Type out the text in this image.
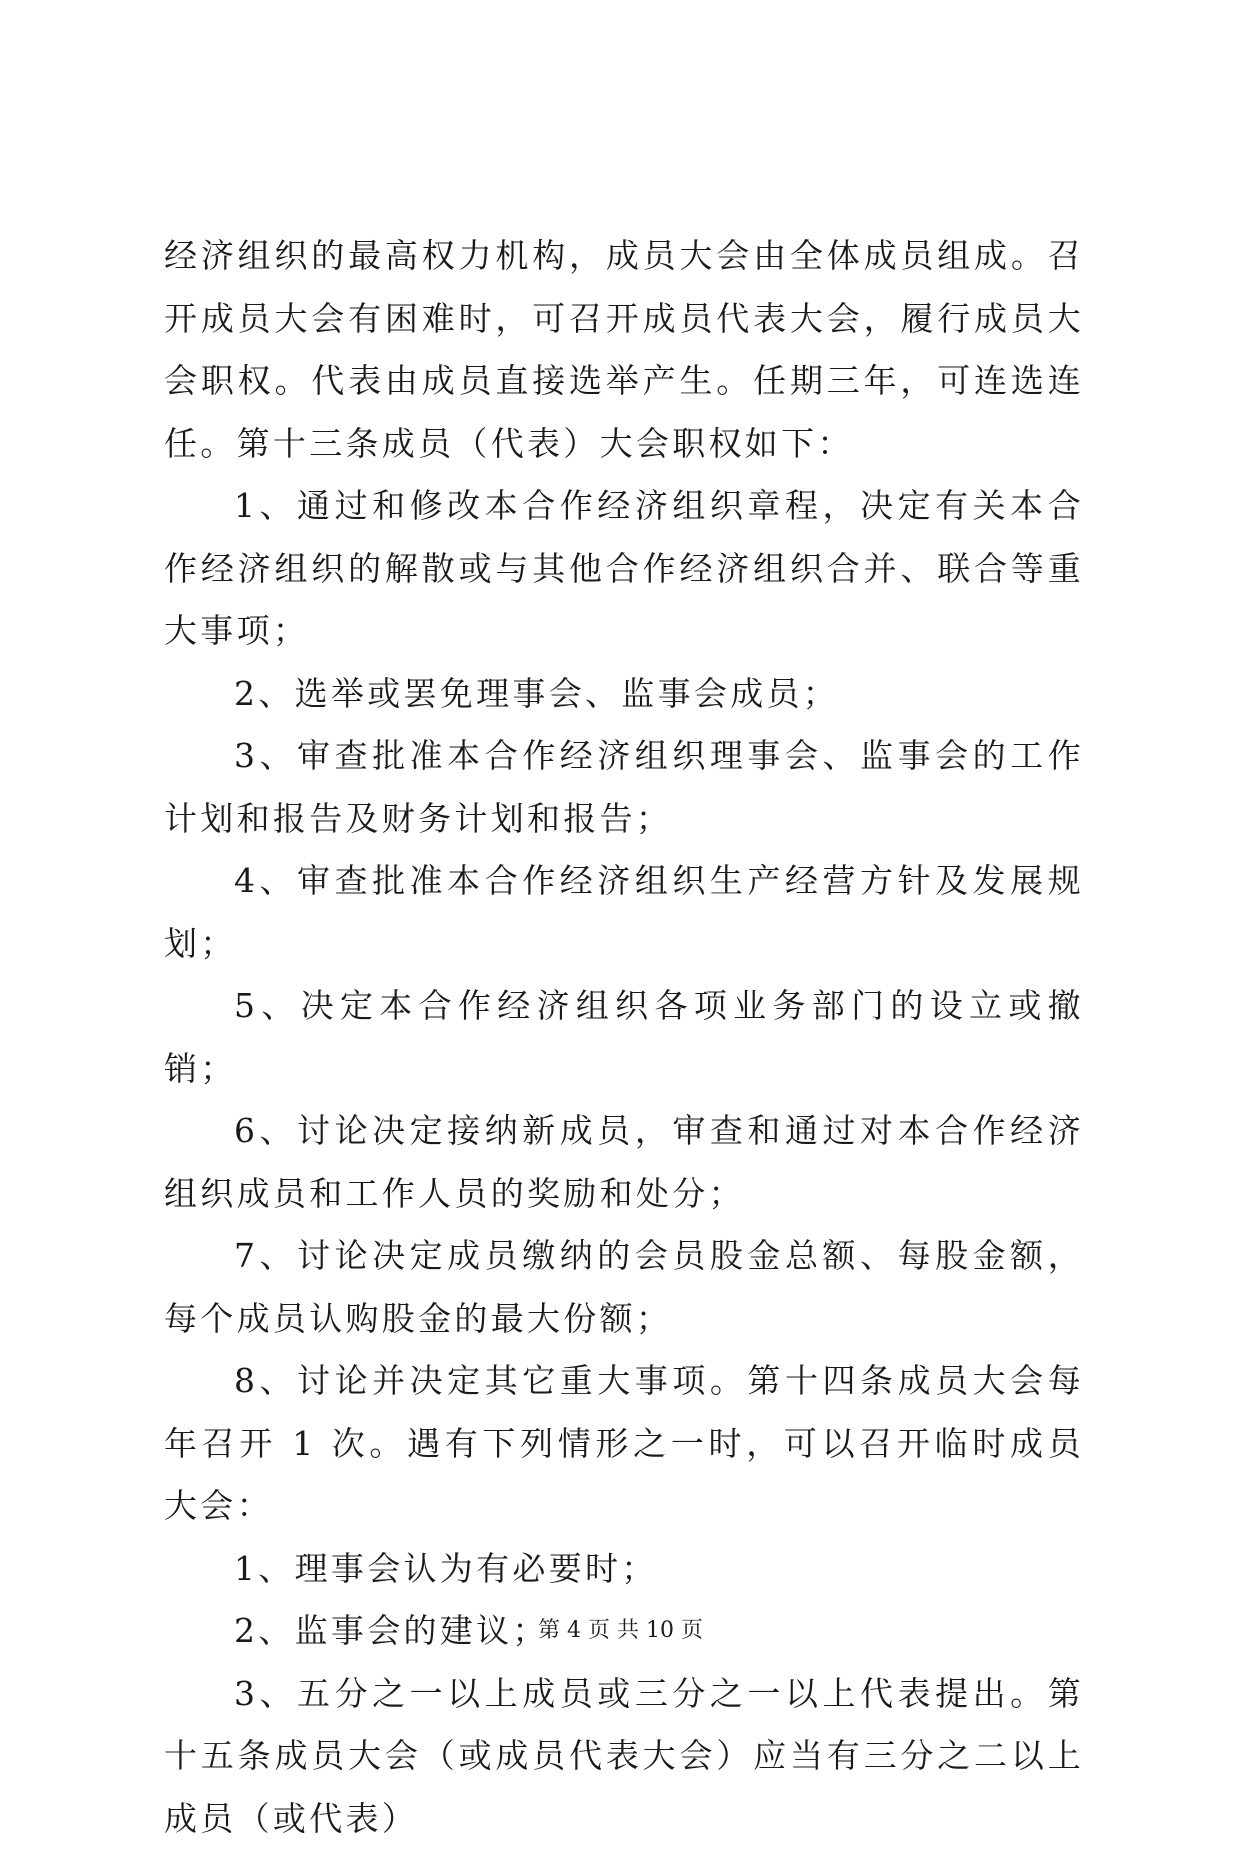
经济组织的最高权力机构，成员大会由全体成员组成。召开成员大会有困难时，可召开成员代表大会，履行成员大会职权。代表由成员直接选举产生。任期三年，可连选连任。第十三条成员（代表）大会职权如下：

1、通过和修改本合作经济组织章程，决定有关本合作经济组织的解散或与其他合作经济组织合并、联合等重大事项；

2、选举或罢免理事会、监事会成员；

3、审查批准本合作经济组织理事会、监事会的工作计划和报告及财务计划和报告；

4、审查批准本合作经济组织生产经营方针及发展规划；

5、决定本合作经济组织各项业务部门的设立或撤销；

6、讨论决定接纳新成员，审查和通过对本合作经济组织成员和工作人员的奖励和处分；

7、讨论决定成员缴纳的会员股金总额、每股金额，每个成员认购股金的最大份额；

8、讨论并决定其它重大事项。第十四条成员大会每年召开 1 次。遇有下列情形之一时，可以召开临时成员大会：

1、理事会认为有必要时；

2、监事会的建议；

3、五分之一以上成员或三分之一以上代表提出。第十五条成员大会（或成员代表大会）应当有三分之二以上成员（或代表）

第 4 页 共 10 页
